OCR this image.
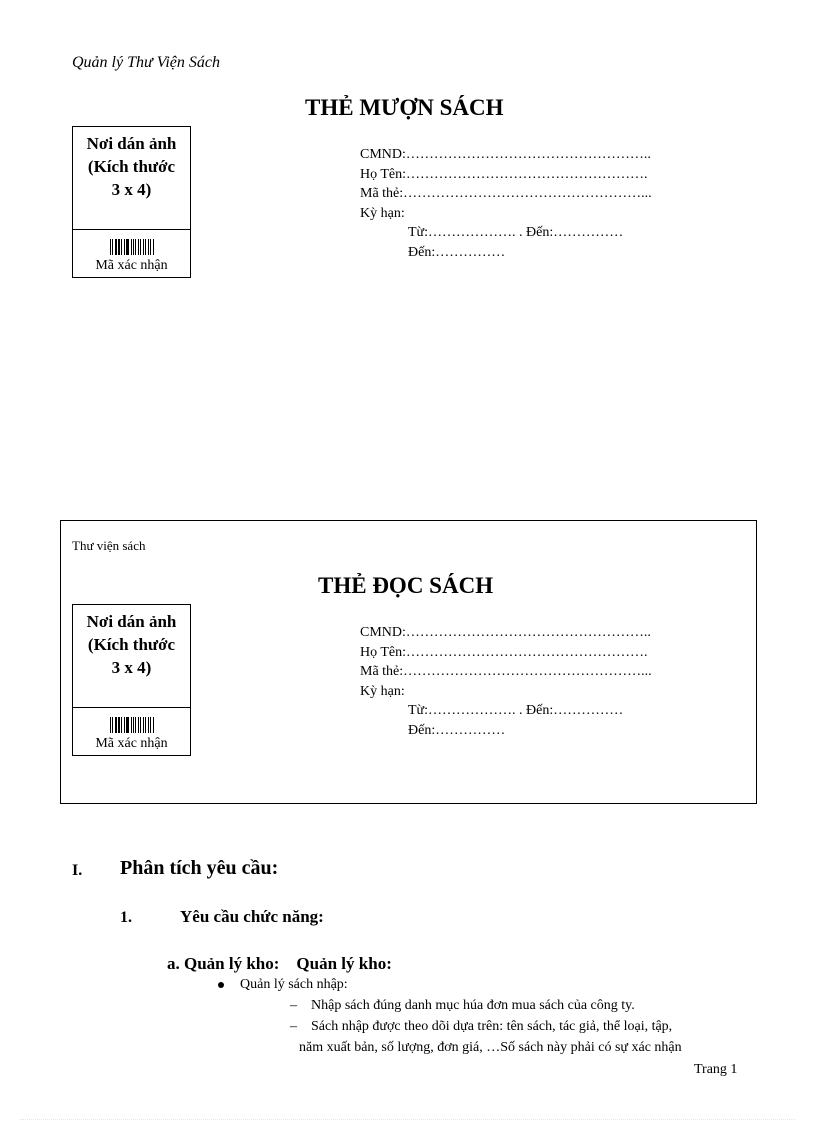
Quản lý Thư Viện Sách
THẺ MƯỢN SÁCH
Nơi dán ảnh
(Kích thước
3 x 4)
Mã xác nhận
CMND:……………………………………………..
Họ Tên:…………………………………………….
Mã thẻ:……………………………………………...
Kỳ hạn:
Từ:………………. . Đến:……………
Đến:……………
Thư viện sách
THẺ ĐỌC SÁCH
Nơi dán ảnh
(Kích thước
3 x 4)
Mã xác nhận
CMND:……………………………………………..
Họ Tên:…………………………………………….
Mã thẻ:……………………………………………...
Kỳ hạn:
Từ:………………. . Đến:……………
Đến:……………
I. Phân tích yêu cầu:
1.	Yêu cầu chức năng:
a. Quản lý kho:    Quản lý kho:
Quản lý sách nhập:
– Nhập sách đúng danh mục húa đơn mua sách của công ty.
– Sách nhập được theo dõi dựa trên: tên sách, tác giả, thể loại, tập,
năm xuất bản, số lượng, đơn giá, …Số sách này phải có sự xác nhận
Trang 1
